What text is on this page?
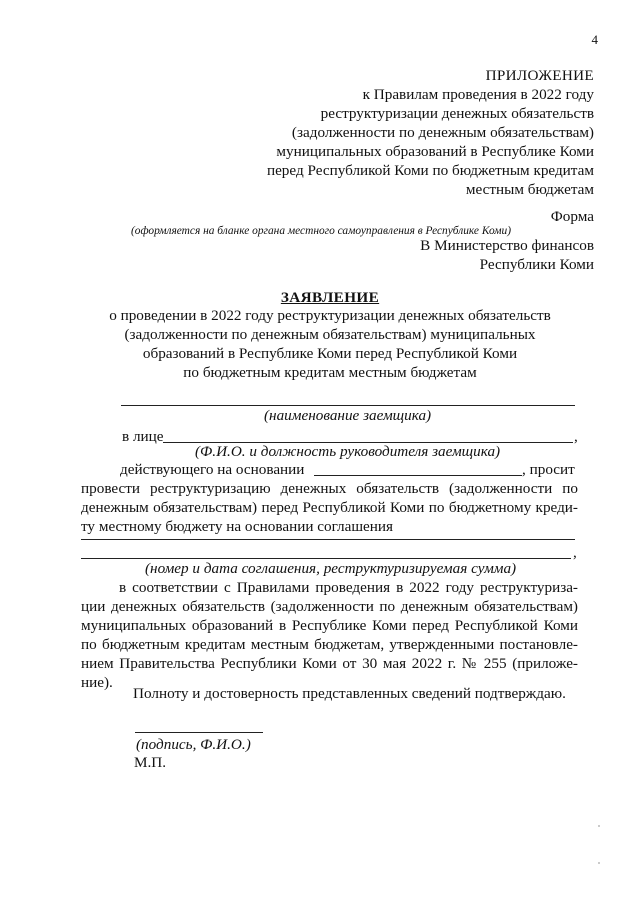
4
ПРИЛОЖЕНИЕ
к Правилам проведения в 2022 году
реструктуризации денежных обязательств
(задолженности по денежным обязательствам)
муниципальных образований в Республике Коми
перед Республикой Коми по бюджетным кредитам
местным бюджетам
Форма
(оформляется на бланке органа местного самоуправления в Республике Коми)
В Министерство финансов
Республики Коми
ЗАЯВЛЕНИЕ
о проведении в 2022 году реструктуризации денежных обязательств
(задолженности по денежным обязательствам) муниципальных
образований в Республике Коми перед Республикой Коми
по бюджетным кредитам местным бюджетам
(наименование заемщика)
в лице	,
(Ф.И.О. и должность руководителя заемщика)
действующего на основании	, просит
провести реструктуризацию денежных обязательств (задолженности по
денежным обязательствам) перед Республикой Коми по бюджетному креди-
ту местному бюджету на основании соглашения
,
(номер и дата соглашения, реструктуризируемая сумма)
в соответствии с Правилами проведения в 2022 году реструктуриза-
ции денежных обязательств (задолженности по денежным обязательствам)
муниципальных образований в Республике Коми перед Республикой Коми
по бюджетным кредитам местным бюджетам, утвержденными постановле-
нием Правительства Республики Коми от 30 мая 2022 г. № 255 (приложе-
ние).
Полноту и достоверность представленных сведений подтверждаю.
(подпись, Ф.И.О.)
М.П.
